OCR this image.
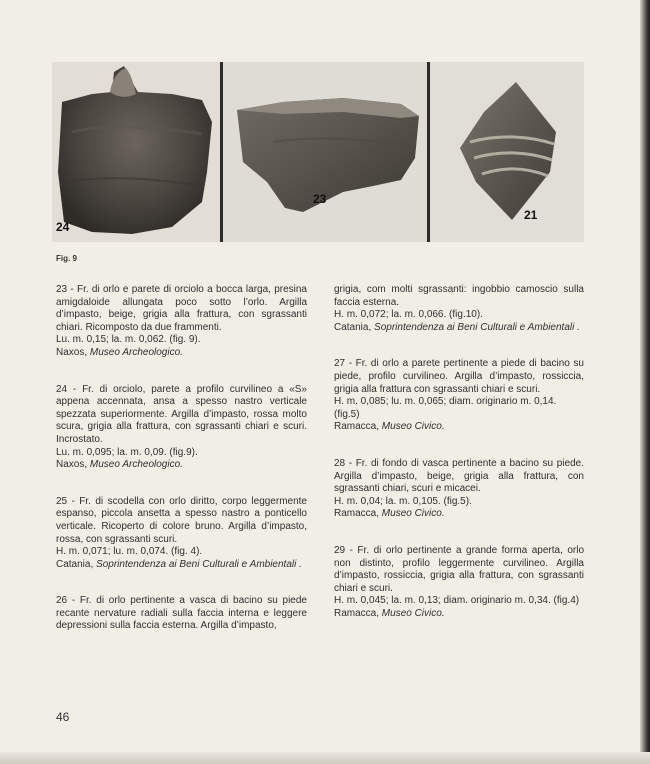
24
23
21
Fig. 9

23 - Fr. di orlo e parete di orciolo a bocca larga, presina amigdaloide allungata poco sotto l’orlo. Argilla d’impasto, beige, grigia alla frattura, con sgrassanti chiari. Ricomposto da due frammenti.

Lu. m. 0,15; la. m. 0,062. (fig. 9).

Naxos, Museo Archeologico.

24 - Fr. di orciolo, parete a profilo curvilineo a «S» appena accennata, ansa a spesso nastro verticale spezzata superiormente. Argilla d’impasto, rossa molto scura, grigia alla frattura, con sgrassanti chiari e scuri. Incrostato.

Lu. m. 0,095; la. m. 0,09. (fig.9).

Naxos, Museo Archeologico.

25 - Fr. di scodella con orlo diritto, corpo leggermente espanso, piccola ansetta a spesso nastro a ponticello verticale. Ricoperto di colore bruno. Argilla d’impasto, rossa, con sgrassanti scuri.

H. m. 0,071; lu. m. 0,074. (fig. 4).

Catania, Soprintendenza ai Beni Culturali e Ambientali .

26 - Fr. di orlo pertinente a vasca di bacino su piede recante nervature radiali sulla faccia interna e leggere depressioni sulla faccia esterna. Argilla d’impasto,

grigia, com molti sgrassanti: ingobbio camoscio sulla faccia esterna.

H. m. 0,072; la. m. 0,066. (fig.10).

Catania, Soprintendenza ai Beni Culturali e Ambientali .

27 - Fr. di orlo a parete pertinente a piede di bacino su piede, profilo curvilineo. Argilla d’impasto, rossiccia, grigia alla frattura con sgrassanti chiari e scuri.

H. m. 0,085; lu. m. 0,065; diam. originario m. 0,14. (fig.5)

Ramacca, Museo Civico.

28 - Fr. di fondo di vasca pertinente a bacino su piede. Argilla d’impasto, beige, grigia alla frattura, con sgrassanti chiari, scuri e micacei.

H. m. 0,04; la. m. 0,105. (fig.5).

Ramacca, Museo Civico.

29 - Fr. di orlo pertinente a grande forma aperta, orlo non distinto, profilo leggermente curvilineo. Argilla d’impasto, rossiccia, grigia alla frattura, con sgrassanti chiari e scuri.

H. m. 0,045; la. m. 0,13; diam. originario m. 0,34. (fig.4)

Ramacca, Museo Civico.

46
